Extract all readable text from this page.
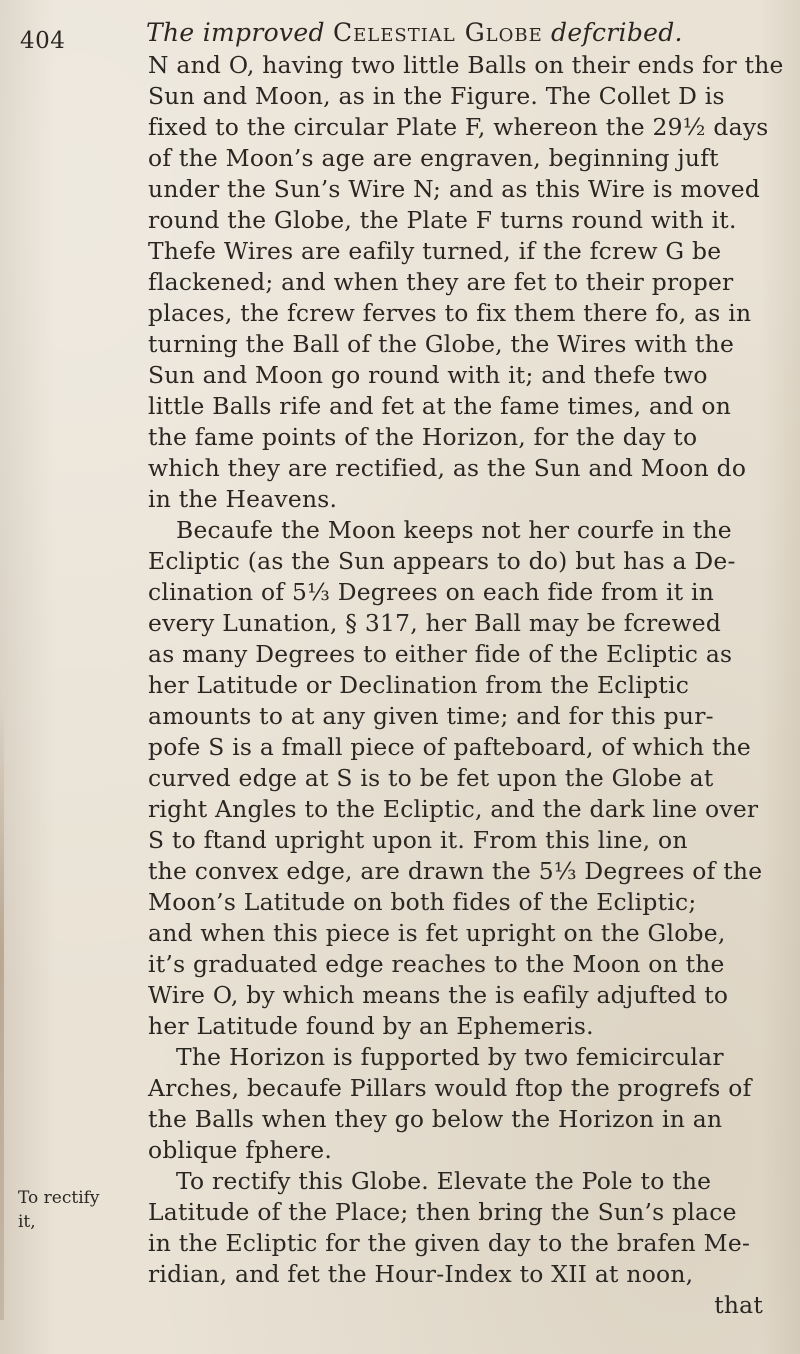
404	The improved Celestial Globe defcribed.
To rectify
it,
N and O, having two little Balls on their ends for the
Sun and Moon, as in the Figure. The Collet D is
fixed to the circular Plate F, whereon the 29½ days
of the Moon’s age are engraven, beginning juft
under the Sun’s Wire N; and as this Wire is moved
round the Globe, the Plate F turns round with it.
Thefe Wires are eafily turned, if the fcrew G be
flackened; and when they are fet to their proper
places, the fcrew ferves to fix them there fo, as in
turning the Ball of the Globe, the Wires with the
Sun and Moon go round with it; and thefe two
little Balls rife and fet at the fame times, and on
the fame points of the Horizon, for the day to
which they are rectified, as the Sun and Moon do
in the Heavens.
Becaufe the Moon keeps not her courfe in the
Ecliptic (as the Sun appears to do) but has a De-
clination of 5⅓ Degrees on each fide from it in
every Lunation, § 317, her Ball may be fcrewed
as many Degrees to either fide of the Ecliptic as
her Latitude or Declination from the Ecliptic
amounts to at any given time; and for this pur-
pofe S is a fmall piece of pafteboard, of which the
curved edge at S is to be fet upon the Globe at
right Angles to the Ecliptic, and the dark line over
S to ftand upright upon it. From this line, on
the convex edge, are drawn the 5⅓ Degrees of the
Moon’s Latitude on both fides of the Ecliptic;
and when this piece is fet upright on the Globe,
it’s graduated edge reaches to the Moon on the
Wire O, by which means the is eafily adjufted to
her Latitude found by an Ephemeris.
The Horizon is fupported by two femicircular
Arches, becaufe Pillars would ftop the progrefs of
the Balls when they go below the Horizon in an
oblique fphere.
To rectify this Globe. Elevate the Pole to the
Latitude of the Place; then bring the Sun’s place
in the Ecliptic for the given day to the brafen Me-
ridian, and fet the Hour-Index to XII at noon,
that
